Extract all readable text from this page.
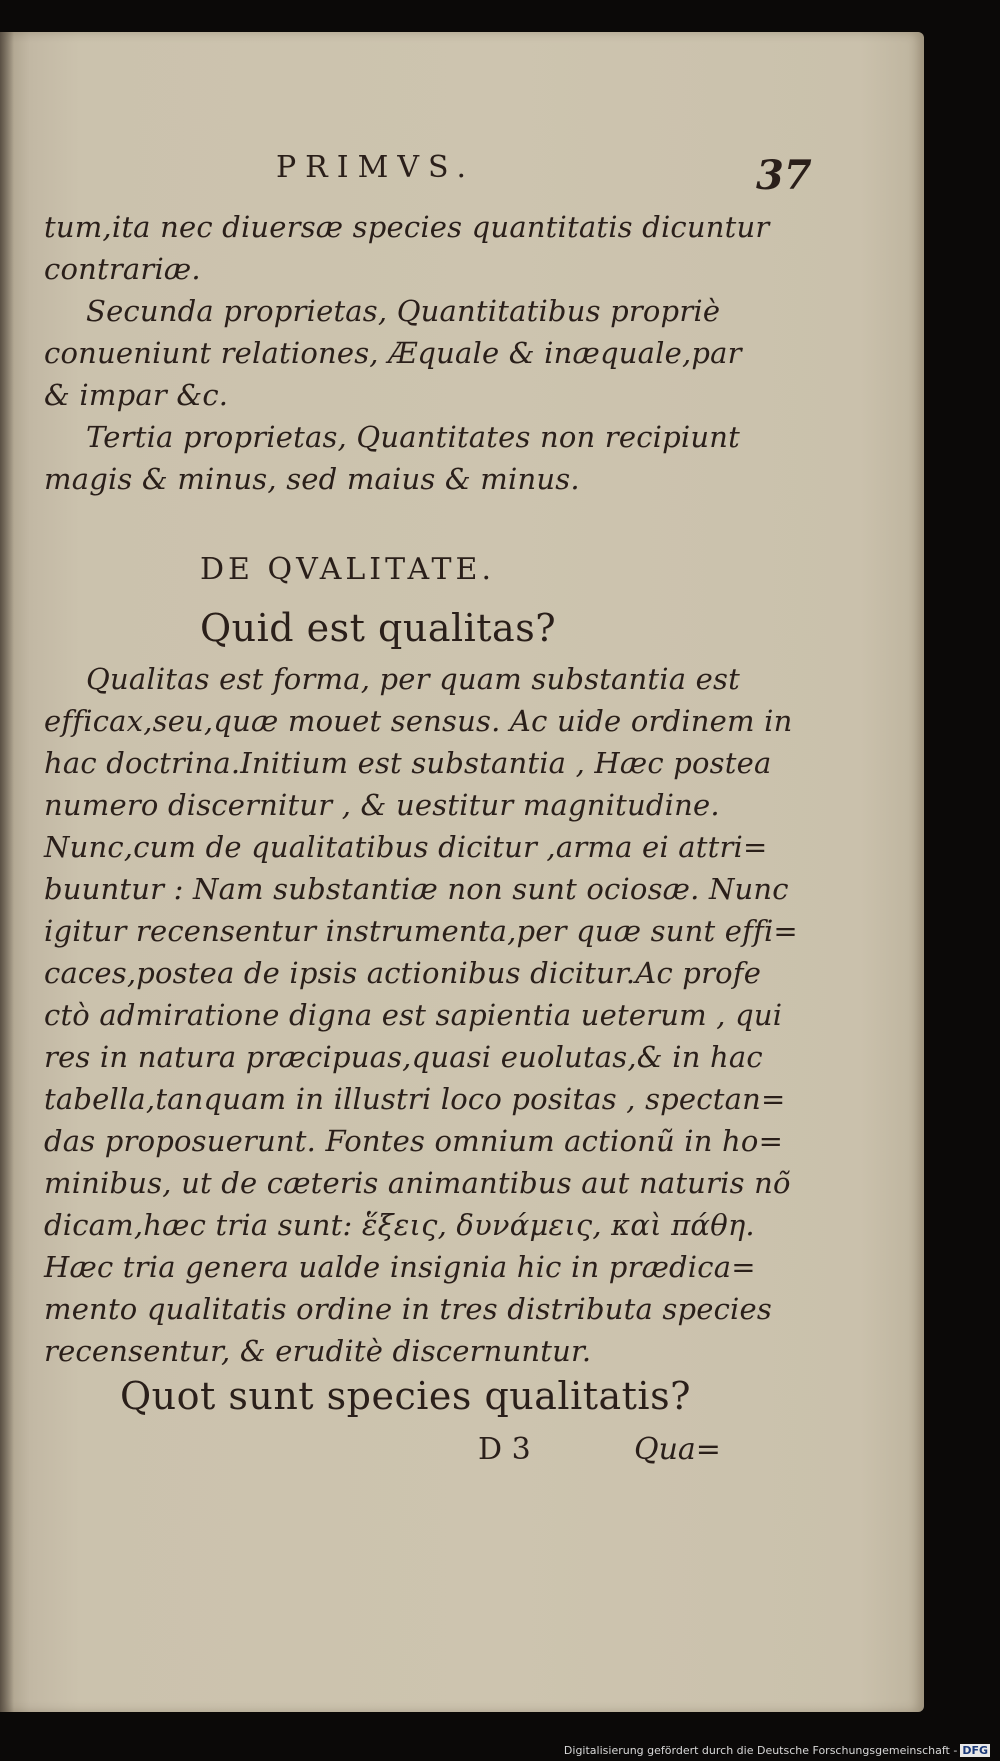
PRIMVS.	37
tum,ita nec diuersæ species quantitatis dicuntur
contrariæ.
Secunda proprietas, Quantitatibus propriè
conueniunt relationes, Æquale & inæquale,par
& impar &c.
Tertia proprietas, Quantitates non recipiunt
magis & minus, sed maius & minus.
DE QVALITATE.
Quid est qualitas?
Qualitas est forma, per quam substantia est
efficax,seu,quæ mouet sensus. Ac uide ordinem in
hac doctrina.Initium est substantia , Hæc postea
numero discernitur , & uestitur magnitudine.
Nunc,cum de qualitatibus dicitur ,arma ei attri=
buuntur : Nam substantiæ non sunt ociosæ. Nunc
igitur recensentur instrumenta,per quæ sunt effi=
caces,postea de ipsis actionibus dicitur.Ac profe
ctò admiratione digna est sapientia ueterum , qui
res in natura præcipuas,quasi euolutas,& in hac
tabella,tanquam in illustri loco positas , spectan=
das proposuerunt. Fontes omnium actionũ in ho=
minibus, ut de cæteris animantibus aut naturis nõ
dicam,hæc tria sunt: ἕξεις, δυνάμεις, καὶ πάθη.
Hæc tria genera ualde insignia hic in prædica=
mento qualitatis ordine in tres distributa species
recensentur, & eruditè discernuntur.
Quot sunt species qualitatis?
D 3	Qua=
Digitalisierung gefördert durch die Deutsche Forschungsgemeinschaft - DFG
